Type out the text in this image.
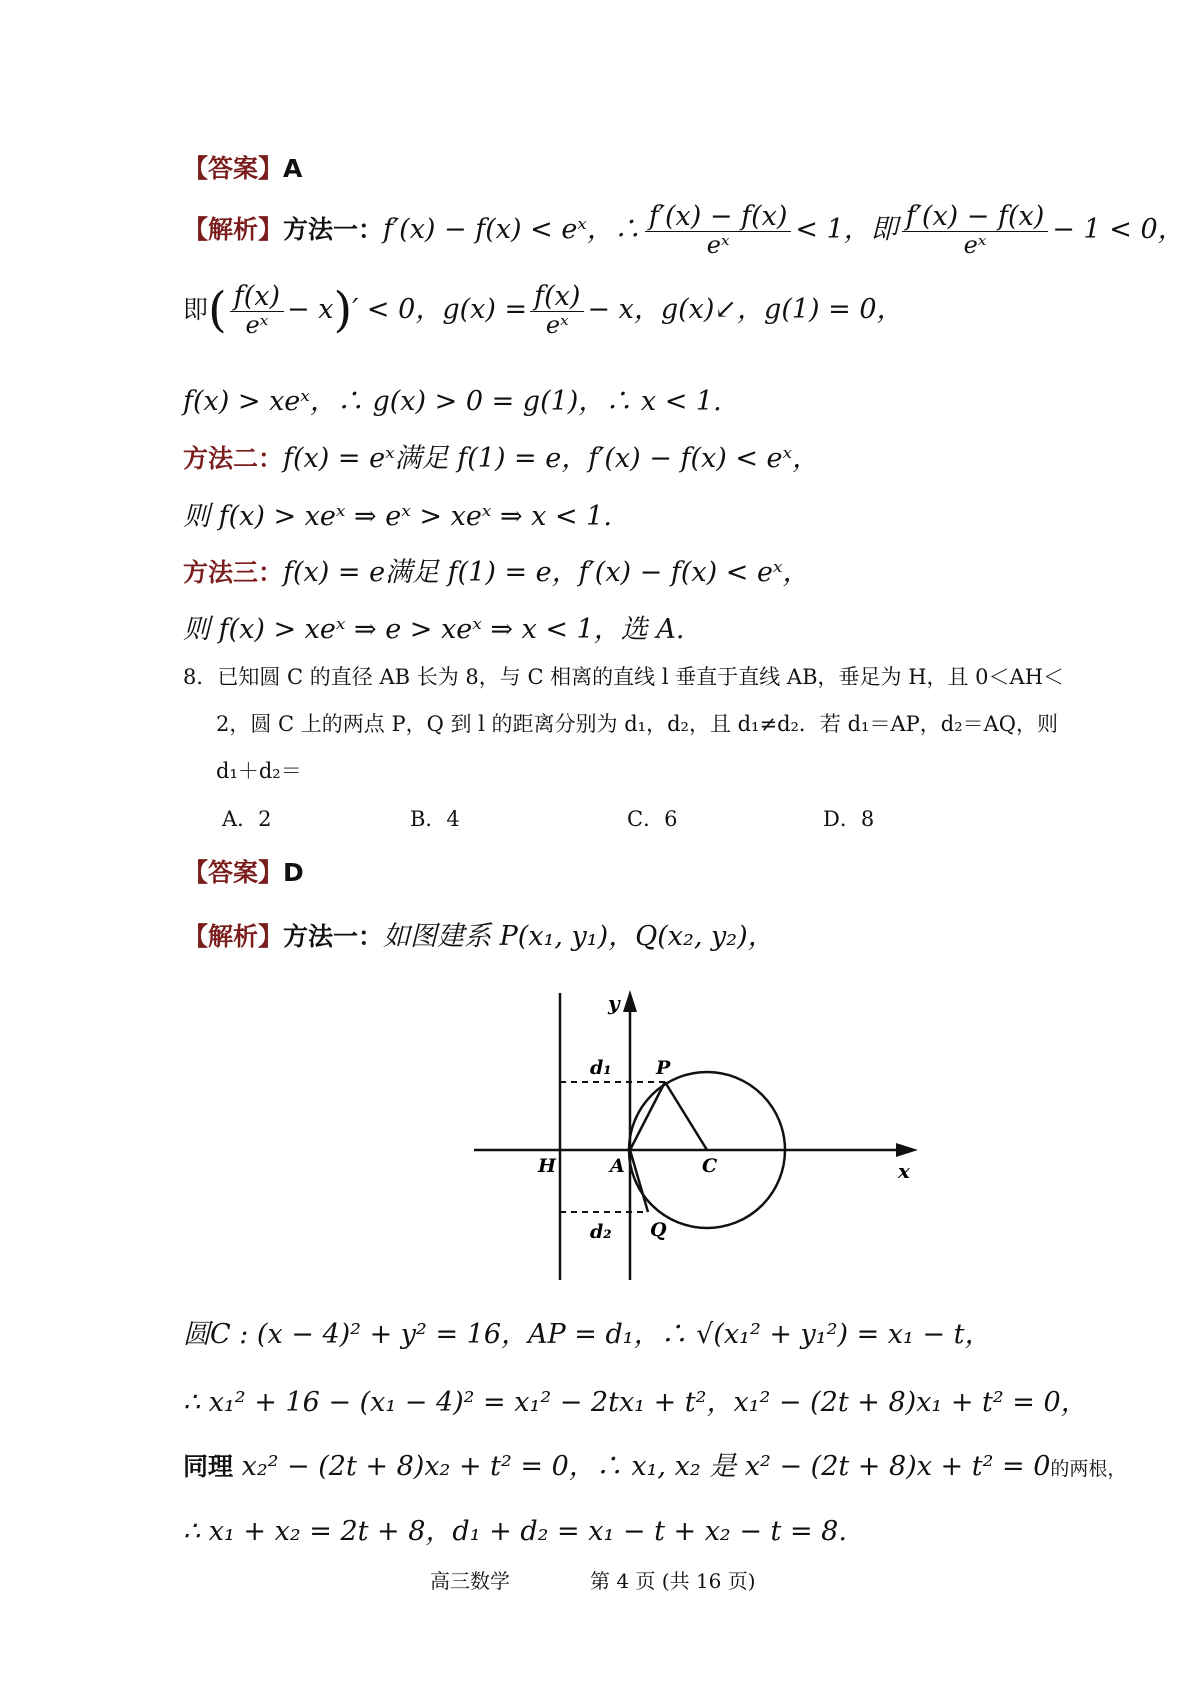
【答案】A
【解析】 方法一： f′(x) − f(x) < eˣ，∴ $\frac{f'(x) - f(x)}{\text{eˣ}} < 1$，即 $\frac{f'(x) - f(x)}{\text{eˣ}} - 1 < 0$，
即 ( $\frac{f(x)}{\text{eˣ}} - x$ ) ′ < 0，$g(x) = \frac{f(x)}{\text{eˣ}} - x$，g(x)↙，g(1) = 0，
f(x) > xeˣ，∴ g(x) > 0 = g(1)，∴ x < 1.
方法二：f(x) = eˣ满足 f(1) = e，f′(x) − f(x) < eˣ，
则 f(x) > xeˣ ⇒ eˣ > xeˣ ⇒ x < 1.
方法三：f(x) = e满足 f(1) = e，f′(x) − f(x) < eˣ，
则 f(x) > xeˣ ⇒ e > xeˣ ⇒ x < 1，选 A.
8．已知圆 C 的直径 AB 长为 8，与 C 相离的直线 l 垂直于直线 AB，垂足为 H，且 0＜AH＜
2，圆 C 上的两点 P，Q 到 l 的距离分别为 d₁，d₂，且 d₁≠d₂．若 d₁＝AP，d₂＝AQ，则
d₁＋d₂＝
A．2	B．4	C．6	D．8
【答案】D
【解析】方法一：如图建系 P(x₁, y₁)，Q(x₂, y₂)，
y
x
H	A	C
P
Q
d₁
d₂
圆C : (x − 4)² + y² = 16，AP = d₁，∴ √(x₁² + y₁²) = x₁ − t，
∴ x₁² + 16 − (x₁ − 4)² = x₁² − 2tx₁ + t²，x₁² − (2t + 8)x₁ + t² = 0，
同理 x₂² − (2t + 8)x₂ + t² = 0，∴ x₁, x₂ 是 x² − (2t + 8)x + t² = 0的两根，
∴ x₁ + x₂ = 2t + 8，d₁ + d₂ = x₁ − t + x₂ − t = 8.
高三数学	第 4 页 (共 16 页)
